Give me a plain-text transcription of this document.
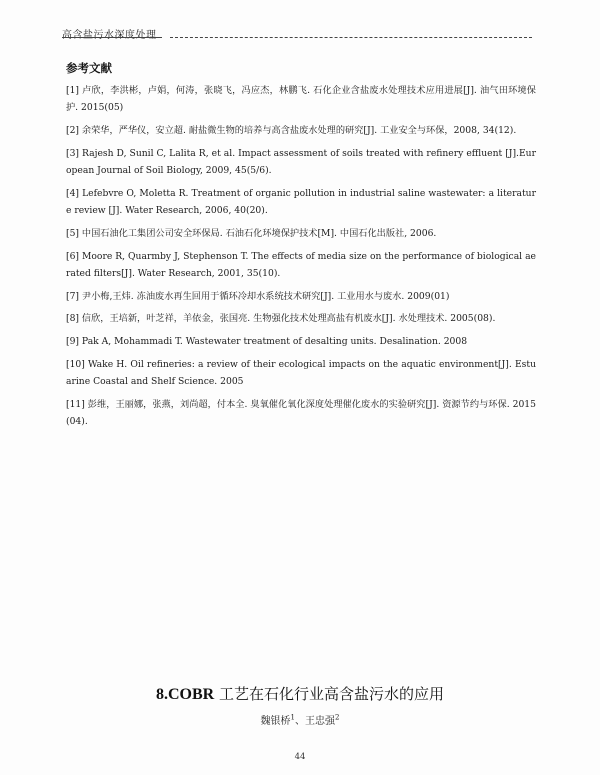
高含盐污水深度处理
参考文献

[1] 卢欣，李洪彬，卢娟，何涛，张晓飞，冯应杰，林鹏飞. 石化企业含盐废水处理技术应用进展[J]. 油气田环境保护. 2015(05)

[2] 余荣华，严华仪，安立超. 耐盐微生物的培养与高含盐废水处理的研究[J]. 工业安全与环保，2008, 34(12).

[3] Rajesh D, Sunil C, Lalita R, et al. Impact assessment of soils treated with refinery effluent [J].European Journal of Soil Biology, 2009, 45(5/6).

[4] Lefebvre O, Moletta R. Treatment of organic pollution in industrial saline wastewater: a literature review [J]. Water Research, 2006, 40(20).

[5] 中国石油化工集团公司安全环保局. 石油石化环境保护技术[M]. 中国石化出版社, 2006.

[6] Moore R, Quarmby J, Stephenson T. The effects of media size on the performance of biological aerated filters[J]. Water Research, 2001, 35(10).

[7] 尹小梅,王炜. 冻油废水再生回用于循环冷却水系统技术研究[J]. 工业用水与废水. 2009(01)

[8] 信欣，王培新，叶芝祥，羊依金，张国亮. 生物强化技术处理高盐有机废水[J]. 水处理技术. 2005(08).

[9] Pak A, Mohammadi T. Wastewater treatment of desalting units. Desalination. 2008

[10] Wake H. Oil refineries: a review of their ecological impacts on the aquatic environment[J]. Estuarine Coastal and Shelf Science. 2005

[11] 彭维，王丽娜，张燕，刘尚超，付本全. 臭氧催化氧化深度处理催化废水的实验研究[J]. 资源节约与环保. 2015(04).

8.COBR 工艺在石化行业高含盐污水的应用
魏银桥$^1$、王忠强$^2$
44
